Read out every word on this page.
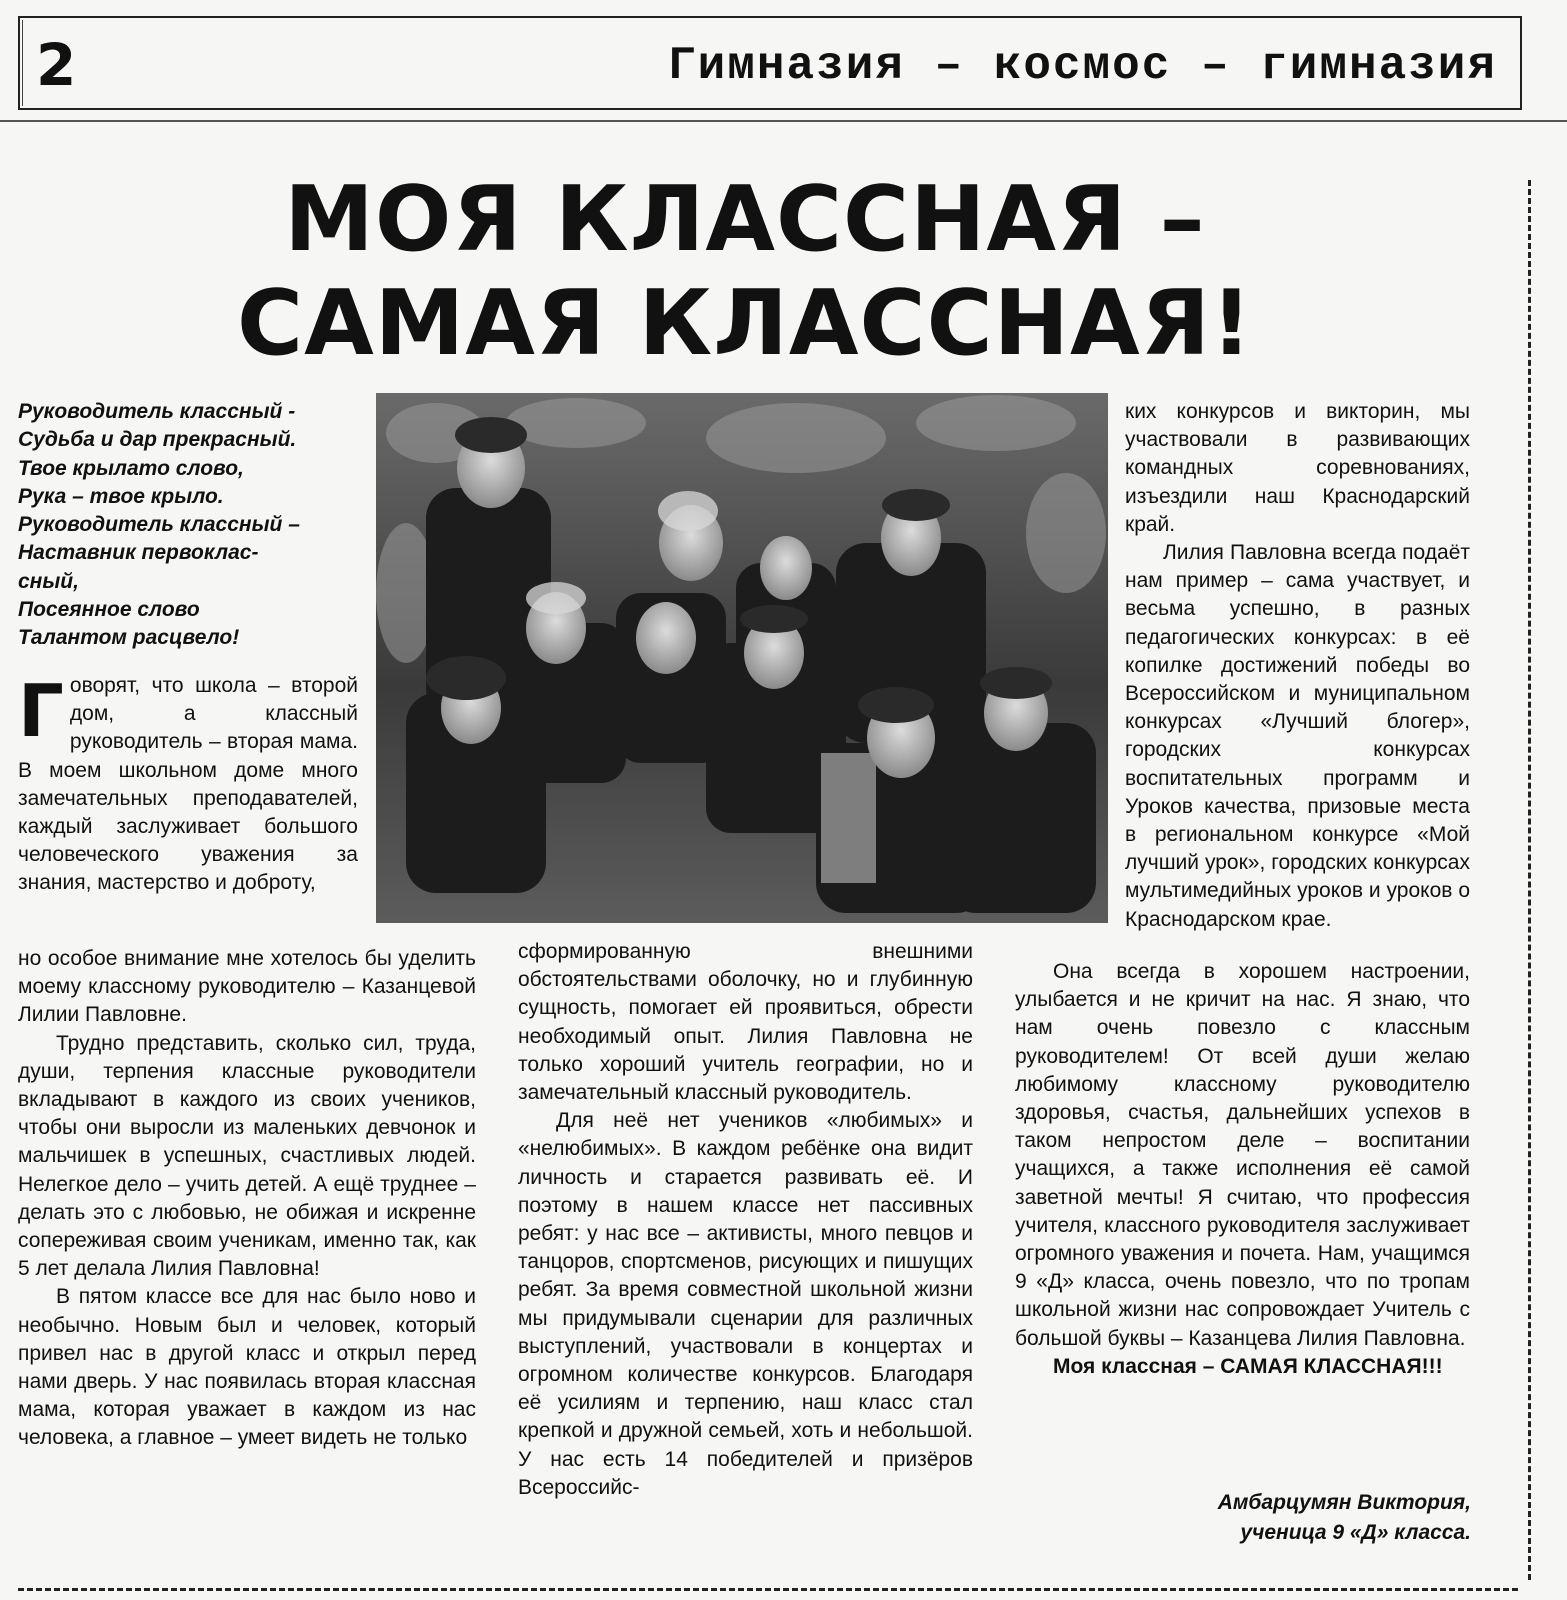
2	Гимназия – космос – гимназия
МОЯ КЛАССНАЯ –
САМАЯ КЛАССНАЯ!
Руководитель классный -
Судьба и дар прекрасный.
Твое крылато слово,
Рука – твое крыло.
Руководитель классный –
Наставник первоклас-
сный,
Посеянное слово
Талантом расцвело!

Говорят, что школа – второй дом, а классный руководитель – вторая мама. В моем школьном доме много замечательных преподавателей, каждый заслуживает большого человеческого уважения за знания, мастерство и доброту,

но особое внимание мне хотелось бы уделить моему классному руководителю – Казанцевой Лилии Павловне.

Трудно представить, сколько сил, труда, души, терпения классные руководители вкладывают в каждого из своих учеников, чтобы они выросли из маленьких девчонок и мальчишек в успешных, счастливых людей. Нелегкое дело – учить детей. А ещё труднее – делать это с любовью, не обижая и искренне сопереживая своим ученикам, именно так, как 5 лет делала Лилия Павловна!

В пятом классе все для нас было ново и необычно. Новым был и человек, который привел нас в другой класс и открыл перед нами дверь. У нас появилась вторая классная мама, которая уважает в каждом из нас человека, а главное – умеет видеть не только

сформированную внешними обстоятельствами оболочку, но и глубинную сущность, помогает ей проявиться, обрести необходимый опыт. Лилия Павловна не только хороший учитель географии, но и замечательный классный руководитель.

Для неё нет учеников «любимых» и «нелюбимых». В каждом ребёнке она видит личность и старается развивать её. И поэтому в нашем классе нет пассивных ребят: у нас все – активисты, много певцов и танцоров, спортсменов, рисующих и пишущих ребят. За время совместной школьной жизни мы придумывали сценарии для различных выступлений, участвовали в концертах и огромном количестве конкурсов. Благодаря её усилиям и терпению, наш класс стал крепкой и дружной семьей, хоть и небольшой. У нас есть 14 победителей и призёров Всероссийс-

ких конкурсов и викторин, мы участвовали в развивающих командных соревнованиях, изъездили наш Краснодарский край.

Лилия Павловна всегда подаёт нам пример – сама участвует, и весьма успешно, в разных педагогических конкурсах: в её копилке достижений победы во Всероссийском и муниципальном конкурсах «Лучший блогер», городских конкурсах воспитательных программ и Уроков качества, призовые места в региональном конкурсе «Мой лучший урок», городских конкурсах мультимедийных уроков и уроков о Краснодарском крае.

Она всегда в хорошем настроении, улыбается и не кричит на нас. Я знаю, что нам очень повезло с классным руководителем! От всей души желаю любимому классному руководителю здоровья, счастья, дальнейших успехов в таком непростом деле – воспитании учащихся, а также исполнения её самой заветной мечты! Я считаю, что профессия учителя, классного руководителя заслуживает огромного уважения и почета. Нам, учащимся 9 «Д» класса, очень повезло, что по тропам школьной жизни нас сопровождает Учитель с большой буквы – Казанцева Лилия Павловна.

Моя классная – САМАЯ КЛАССНАЯ!!!

Амбарцумян Виктория,
ученица 9 «Д» класса.
